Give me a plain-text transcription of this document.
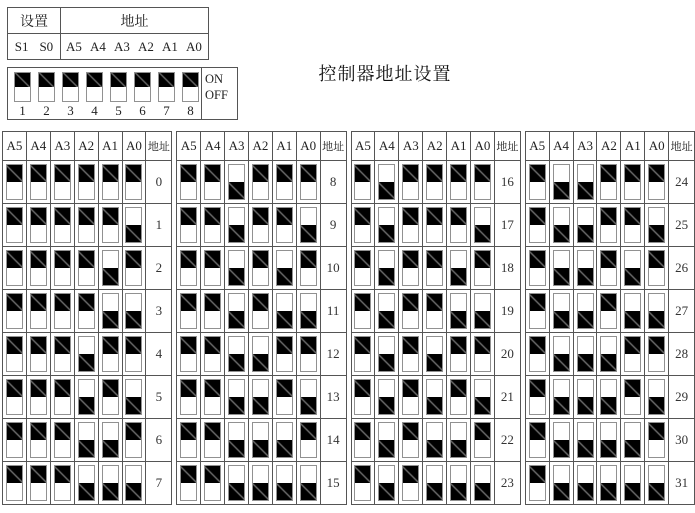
设置	地址

S1 S0	A5 A4 A3 A2 A1 A0
1 2 3 4 5 6 7 8
ON
OFF
控制器地址设置
A5	A4	A3	A2	A1	A0	地址

	0

	1

	2

	3

	4

	5

	6

	7
A5	A4	A3	A2	A1	A0	地址

	8

	9

	10

	11

	12

	13

	14

	15
A5	A4	A3	A2	A1	A0	地址

	16

	17

	18

	19

	20

	21

	22

	23
A5	A4	A3	A2	A1	A0	地址

	24

	25

	26

	27

	28

	29

	30

	31
